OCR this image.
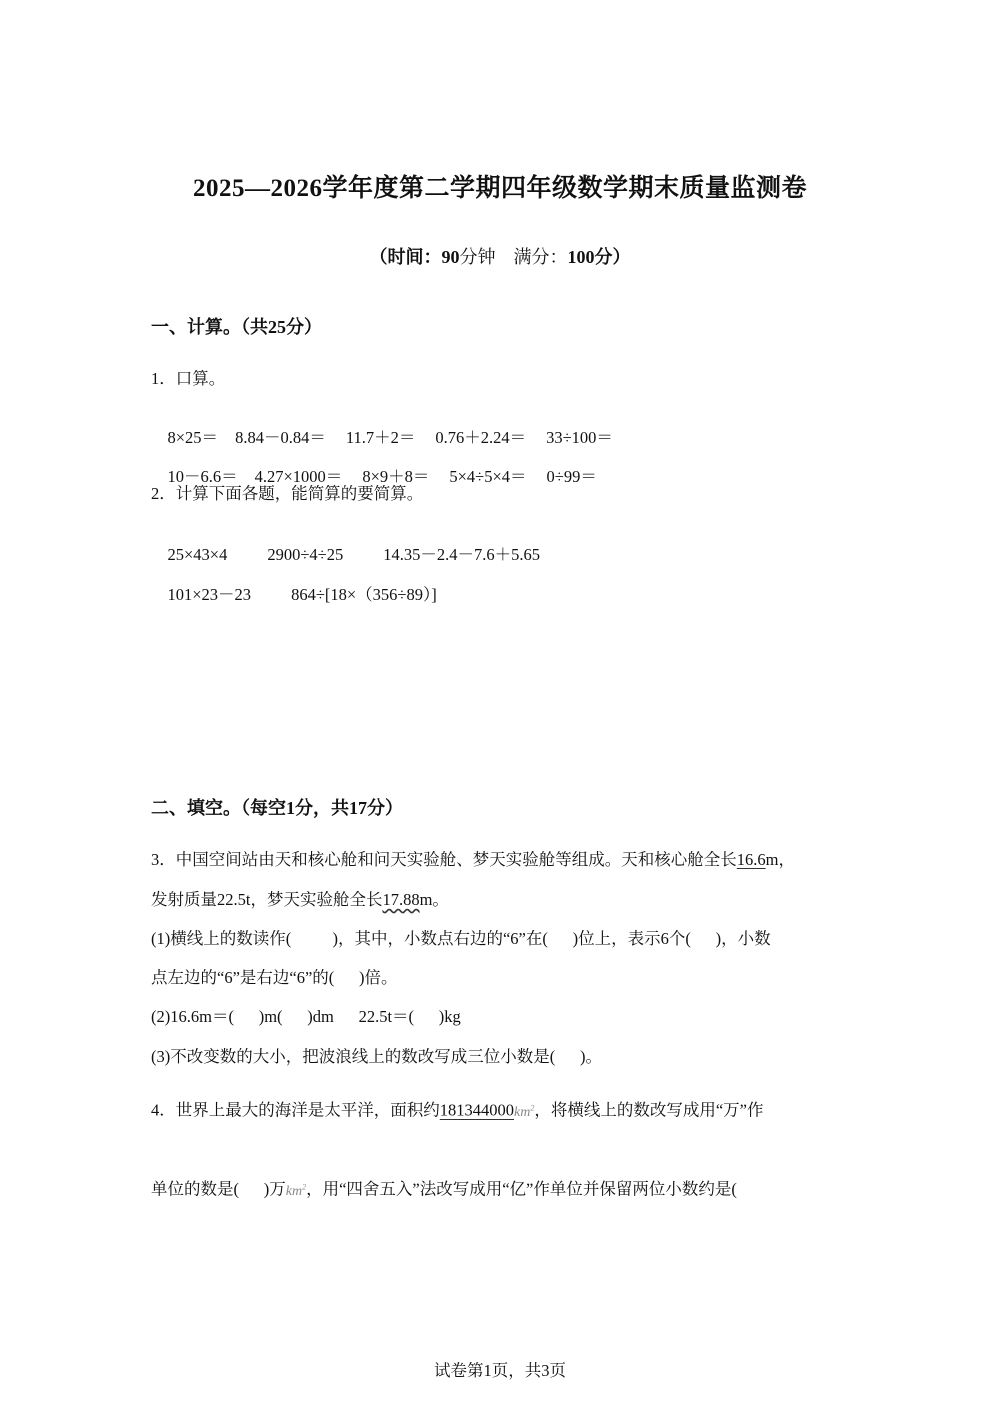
2025—2026学年度第二学期四年级数学期末质量监测卷
（时间：90分钟 满分：100分）
一、计算。（共25分）
1．口算。

8×25＝ 8.84－0.84＝ 11.7＋2＝ 0.76＋2.24＝ 33÷100＝

10－6.6＝ 4.27×1000＝ 8×9＋8＝ 5×4÷5×4＝ 0÷99＝

2．计算下面各题，能简算的要简算。

25×43×4 2900÷4÷25 14.35－2.4－7.6＋5.65

101×23－23 864÷[18×（356÷89）]

二、填空。（每空1分，共17分）
3．中国空间站由天和核心舱和问天实验舱、梦天实验舱等组成。天和核心舱全长16.6m，
发射质量22.5t，梦天实验舱全长17.88m。
(1)横线上的数读作(          )，其中，小数点右边的“6”在(      )位上，表示6个(      )，小数
点左边的“6”是右边“6”的(      )倍。
(2)16.6m＝(      )m(      )dm      22.5t＝(      )kg
(3)不改变数的大小，把波浪线上的数改写成三位小数是(      )。
4．世界上最大的海洋是太平洋，面积约$181344000km^2$，将横线上的数改写成用“万”作
单位的数是(      )万$km^2$，用“四舍五入”法改写成用“亿”作单位并保留两位小数约是(
试卷第1页，共3页
